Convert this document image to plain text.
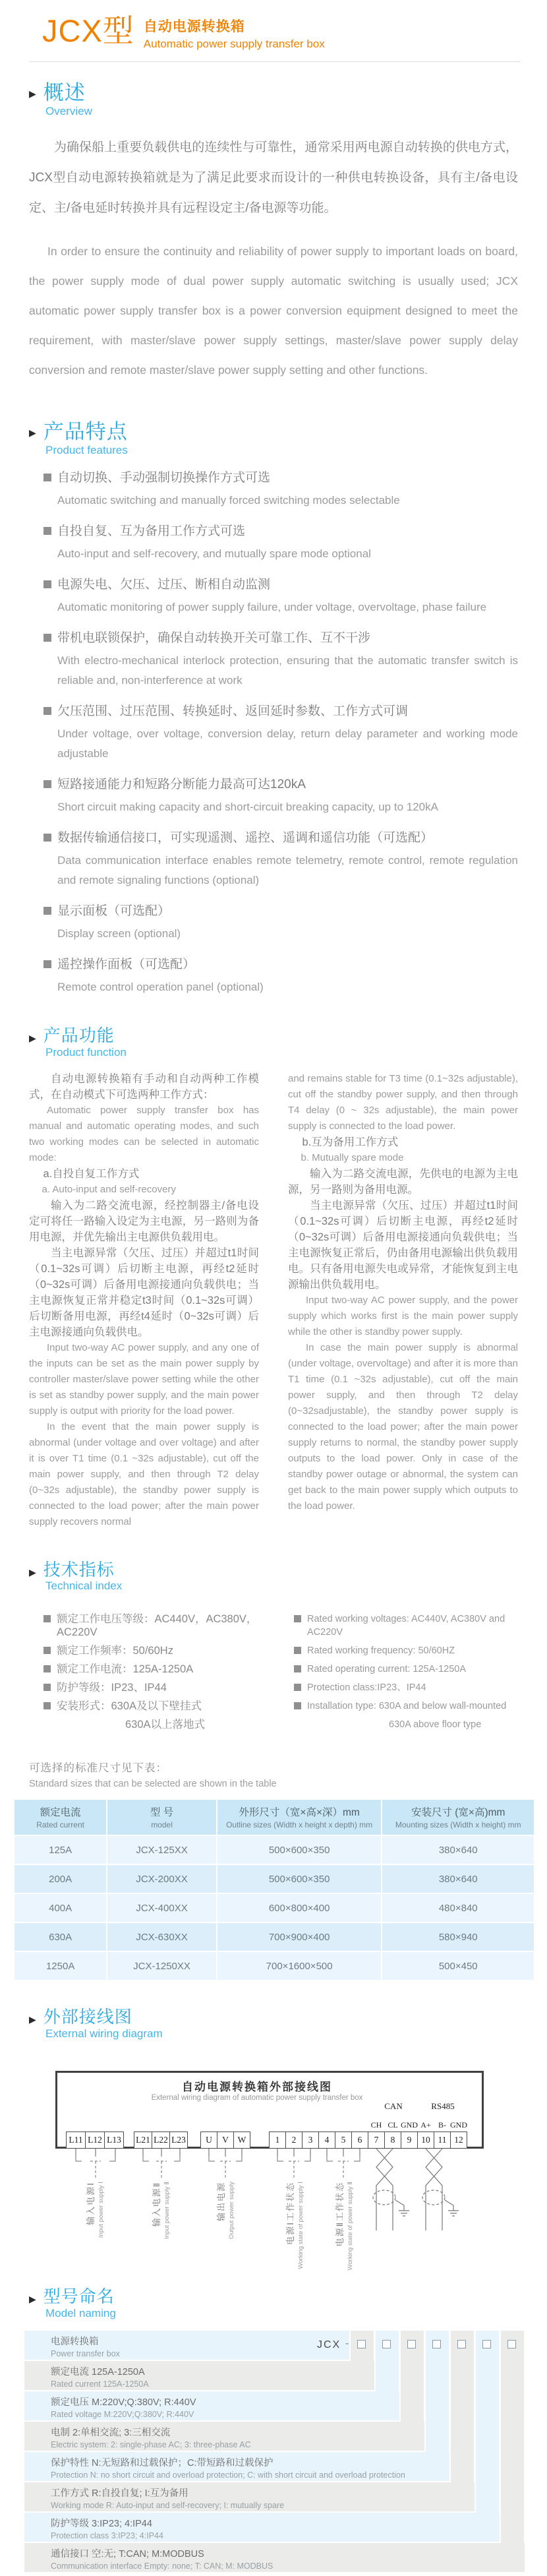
JCX型 自动电源转换箱
Automatic power supply transfer box
▶ 概述
Overview

为确保船上重要负载供电的连续性与可靠性，通常采用两电源自动转换的供电方式，JCX型自动电源转换箱就是为了满足此要求而设计的一种供电转换设备，具有主/备电设定、主/备电延时转换并具有远程设定主/备电源等功能。

In order to ensure the continuity and reliability of power supply to important loads on board, the power supply mode of dual power supply automatic switching is usually used; JCX automatic power supply transfer box is a power conversion equipment designed to meet the requirement, with master/slave power supply settings, master/slave power supply delay conversion and remote master/slave power supply setting and other functions.

▶ 产品特点
Product features
自动切换、手动强制切换操作方式可选
Automatic switching and manually forced switching modes selectable
自投自复、互为备用工作方式可选
Auto-input and self-recovery, and mutually spare mode optional
电源失电、欠压、过压、断相自动监测
Automatic monitoring of power supply failure, under voltage, overvoltage, phase failure
带机电联锁保护，确保自动转换开关可靠工作、互不干涉
With electro-mechanical interlock protection, ensuring that the automatic transfer switch is reliable and, non-interference at work
欠压范围、过压范围、转换延时、返回延时参数、工作方式可调
Under voltage, over voltage, conversion delay, return delay parameter and working mode adjustable
短路接通能力和短路分断能力最高可达120kA
Short circuit making capacity and short-circuit breaking capacity, up to 120kA
数据传输通信接口，可实现遥测、遥控、遥调和遥信功能（可选配）
Data communication interface enables remote telemetry, remote control, remote regulation and remote signaling functions (optional)
显示面板（可选配）
Display screen (optional)
遥控操作面板（可选配）
Remote control operation panel (optional)
▶ 产品功能
Product function

自动电源转换箱有手动和自动两种工作模式，在自动模式下可选两种工作方式：

Automatic power supply transfer box has manual and automatic operating modes, and such two working modes can be selected in automatic mode:

a.自投自复工作方式

a. Auto-input and self-recovery

输入为二路交流电源，经控制器主/备电设定可将任一路输入设定为主电源，另一路则为备用电源，并优先输出主电源供负载用电。

当主电源异常（欠压、过压）并超过t1时间（0.1~32s可调）后切断主电源，再经t2延时（0~32s可调）后备用电源接通向负载供电；当主电源恢复正常并稳定t3时间（0.1~32s可调）后切断备用电源，再经t4延时（0~32s可调）后主电源接通向负载供电。

Input two-way AC power supply, and any one of the inputs can be set as the main power supply by controller master/slave power setting while the other is set as standby power supply, and the main power supply is output with priority for the load power.

In the event that the main power supply is abnormal (under voltage and over voltage) and after it is over T1 time (0.1 ~32s adjustable), cut off the main power supply, and then through T2 delay (0~32s adjustable), the standby power supply is connected to the load power; after the main power supply recovers normal

and remains stable for T3 time (0.1~32s adjustable), cut off the standby power supply, and then through T4 delay (0 ~ 32s adjustable), the main power supply is connected to the load power.

b.互为备用工作方式

b. Mutually spare mode

输入为二路交流电源，先供电的电源为主电源，另一路则为备用电源。

当主电源异常（欠压、过压）并超过t1时间（0.1~32s可调）后切断主电源，再经t2延时（0~32s可调）后备用电源接通向负载供电；当主电源恢复正常后，仍由备用电源输出供负载用电。只有备用电源失电或异常，才能恢复到主电源输出供负载用电。

Input two-way AC power supply, and the power supply which works first is the main power supply while the other is standby power supply.

In case the main power supply is abnormal (under voltage, overvoltage) and after it is more than T1 time (0.1 ~32s adjustable), cut off the main power supply, and then through T2 delay (0~32sadjustable), the standby power supply is connected to the load power; after the main power supply returns to normal, the standby power supply outputs to the load power. Only in case of the standby power outage or abnormal, the system can get back to the main power supply which outputs to the load power.

▶ 技术指标
Technical index
额定工作电压等级：AC440V，AC380V，AC220V
额定工作频率：50/60Hz
额定工作电流：125A-1250A
防护等级：IP23、IP44
安装形式：630A及以下壁挂式
630A以上落地式
Rated working voltages: AC440V, AC380V and AC220V
Rated working frequency: 50/60HZ
Rated operating current: 125A-1250A
Protection class:IP23、IP44
Installation type: 630A and below wall-mounted
630A above floor type
可选择的标准尺寸见下表：
Standard sizes that can be selected are shown in the table
额定电流
Rated current

型 号
model

外形尺寸（宽×高×深）mm
Outline sizes (Width x height x depth) mm

安装尺寸 (宽×高)mm
Mounting sizes (Width x height) mm

125A	JCX-125XX	500×600×350	380×640
200A	JCX-200XX	500×600×350	380×640
400A	JCX-400XX	600×800×400	480×840
630A	JCX-630XX	700×900×400	580×940
1250A	JCX-1250XX	700×1600×500	500×450
▶ 外部接线图
External wiring diagram
自动电源转换箱外部接线图
External wiring diagram of automatic power supply transfer box
CAN	RS485
CH CL GND A+ B- GND
L11 L12 L13	L21 L22 L23	U	V	W	1	2	3	4	5	6	7	8	9	10 11 12
输入电源Ⅰ Input power supply Ⅰ	输入电源Ⅱ Input power supply Ⅱ	输出电源 Output power supply	电源Ⅰ工作状态 Working state of power supply Ⅰ	电源Ⅱ工作状态 Working state of power supply Ⅱ
▶ 型号命名
Model naming
电源转换箱
Power transfer box
额定电流 125A-1250A
Rated current 125A-1250A
额定电压 M:220V;Q:380V; R:440V
Rated voltage M:220V;Q:380V; R:440V
电制 2:单相交流; 3:三相交流
Electric system: 2: single-phase AC; 3: three-phase AC
保护特性 N:无短路和过载保护；C:带短路和过载保护
Protection N: no short circuit and overload protection; C: with short circuit and overload protection
工作方式 R:自投自复; I:互为备用
Working mode R: Auto-input and self-recovery; I: mutually spare
防护等级 3:IP23; 4:IP44
Protection class 3:IP23; 4:IP44
通信接口 空:无; T:CAN; M:MODBUS
Communication interface Empty: none; T: CAN; M: MODBUS
JCX -
